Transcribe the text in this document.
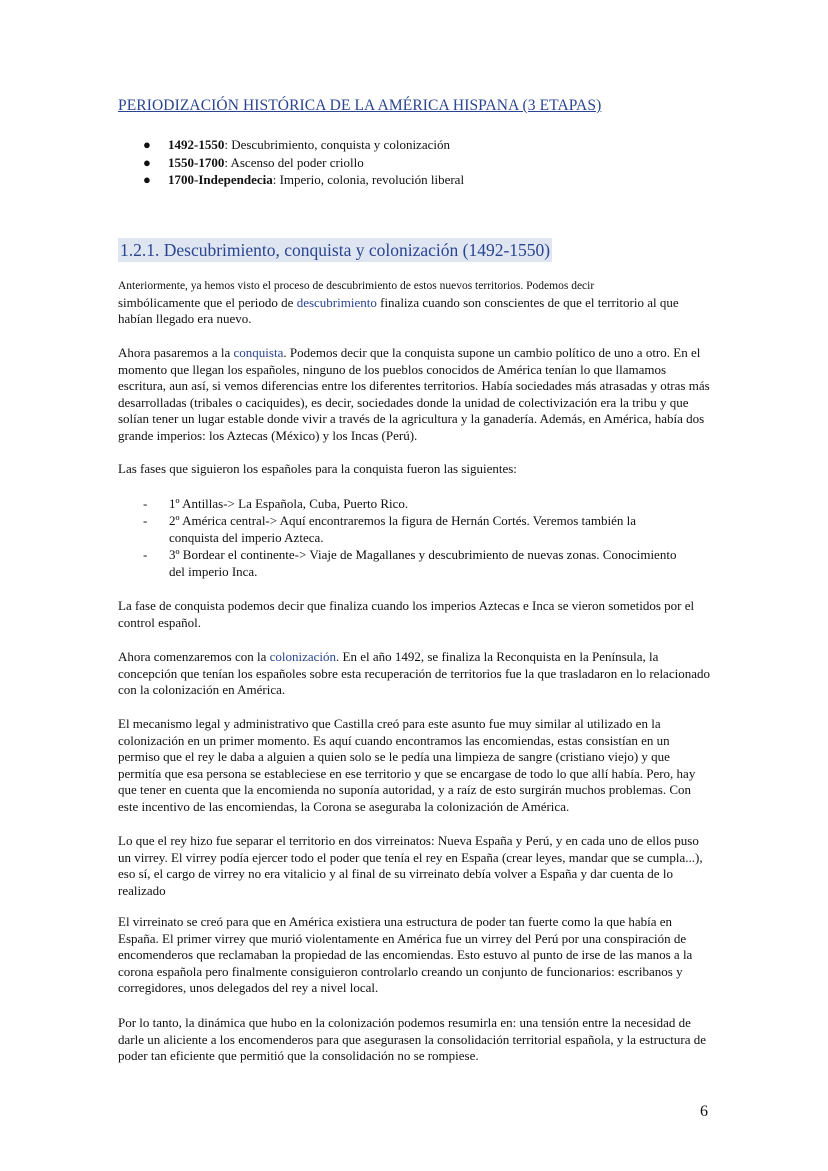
PERIODIZACIÓN HISTÓRICA DE LA AMÉRICA HISPANA (3 ETAPAS)
● 1492-1550: Descubrimiento, conquista y colonización
● 1550-1700: Ascenso del poder criollo
● 1700-Independecia: Imperio, colonia, revolución liberal
1.2.1. Descubrimiento, conquista y colonización (1492-1550)

Anteriormente, ya hemos visto el proceso de descubrimiento de estos nuevos territorios. Podemos decir

simbólicamente que el periodo de descubrimiento finaliza cuando son conscientes de que el territorio al que habían llegado era nuevo.

Ahora pasaremos a la conquista. Podemos decir que la conquista supone un cambio político de uno a otro. En el momento que llegan los españoles, ninguno de los pueblos conocidos de América tenían lo que llamamos escritura, aun así, si vemos diferencias entre los diferentes territorios. Había sociedades más atrasadas y otras más desarrolladas (tribales o caciquides), es decir, sociedades donde la unidad de colectivización era la tribu y que solían tener un lugar estable donde vivir a través de la agricultura y la ganadería. Además, en América, había dos grande imperios: los Aztecas (México) y los Incas (Perú).

Las fases que siguieron los españoles para la conquista fueron las siguientes:
- 1º Antillas-> La Española, Cuba, Puerto Rico.
- 2º América central-> Aquí encontraremos la figura de Hernán Cortés. Veremos también la conquista del imperio Azteca.
- 3º Bordear el continente-> Viaje de Magallanes y descubrimiento de nuevas zonas. Conocimiento del imperio Inca.
La fase de conquista podemos decir que finaliza cuando los imperios Aztecas e Inca se vieron sometidos por el control español.

Ahora comenzaremos con la colonización. En el año 1492, se finaliza la Reconquista en la Península, la concepción que tenían los españoles sobre esta recuperación de territorios fue la que trasladaron en lo relacionado con la colonización en América.

El mecanismo legal y administrativo que Castilla creó para este asunto fue muy similar al utilizado en la colonización en un primer momento. Es aquí cuando encontramos las encomiendas, estas consistían en un permiso que el rey le daba a alguien a quien solo se le pedía una limpieza de sangre (cristiano viejo) y que permitía que esa persona se estableciese en ese territorio y que se encargase de todo lo que allí había. Pero, hay que tener en cuenta que la encomienda no suponía autoridad, y a raíz de esto surgirán muchos problemas. Con este incentivo de las encomiendas, la Corona se aseguraba la colonización de América.
Lo que el rey hizo fue separar el territorio en dos virreinatos: Nueva España y Perú, y en cada uno de ellos puso un virrey. El virrey podía ejercer todo el poder que tenía el rey en España (crear leyes, mandar que se cumpla...), eso sí, el cargo de virrey no era vitalicio y al final de su virreinato debía volver a España y dar cuenta de lo realizado
El virreinato se creó para que en América existiera una estructura de poder tan fuerte como la que había en España. El primer virrey que murió violentamente en América fue un virrey del Perú por una conspiración de encomenderos que reclamaban la propiedad de las encomiendas. Esto estuvo al punto de irse de las manos a la corona española pero finalmente consiguieron controlarlo creando un conjunto de funcionarios: escribanos y corregidores, unos delegados del rey a nivel local.
Por lo tanto, la dinámica que hubo en la colonización podemos resumirla en: una tensión entre la necesidad de darle un aliciente a los encomenderos para que asegurasen la consolidación territorial española, y la estructura de poder tan eficiente que permitió que la consolidación no se rompiese.
6
